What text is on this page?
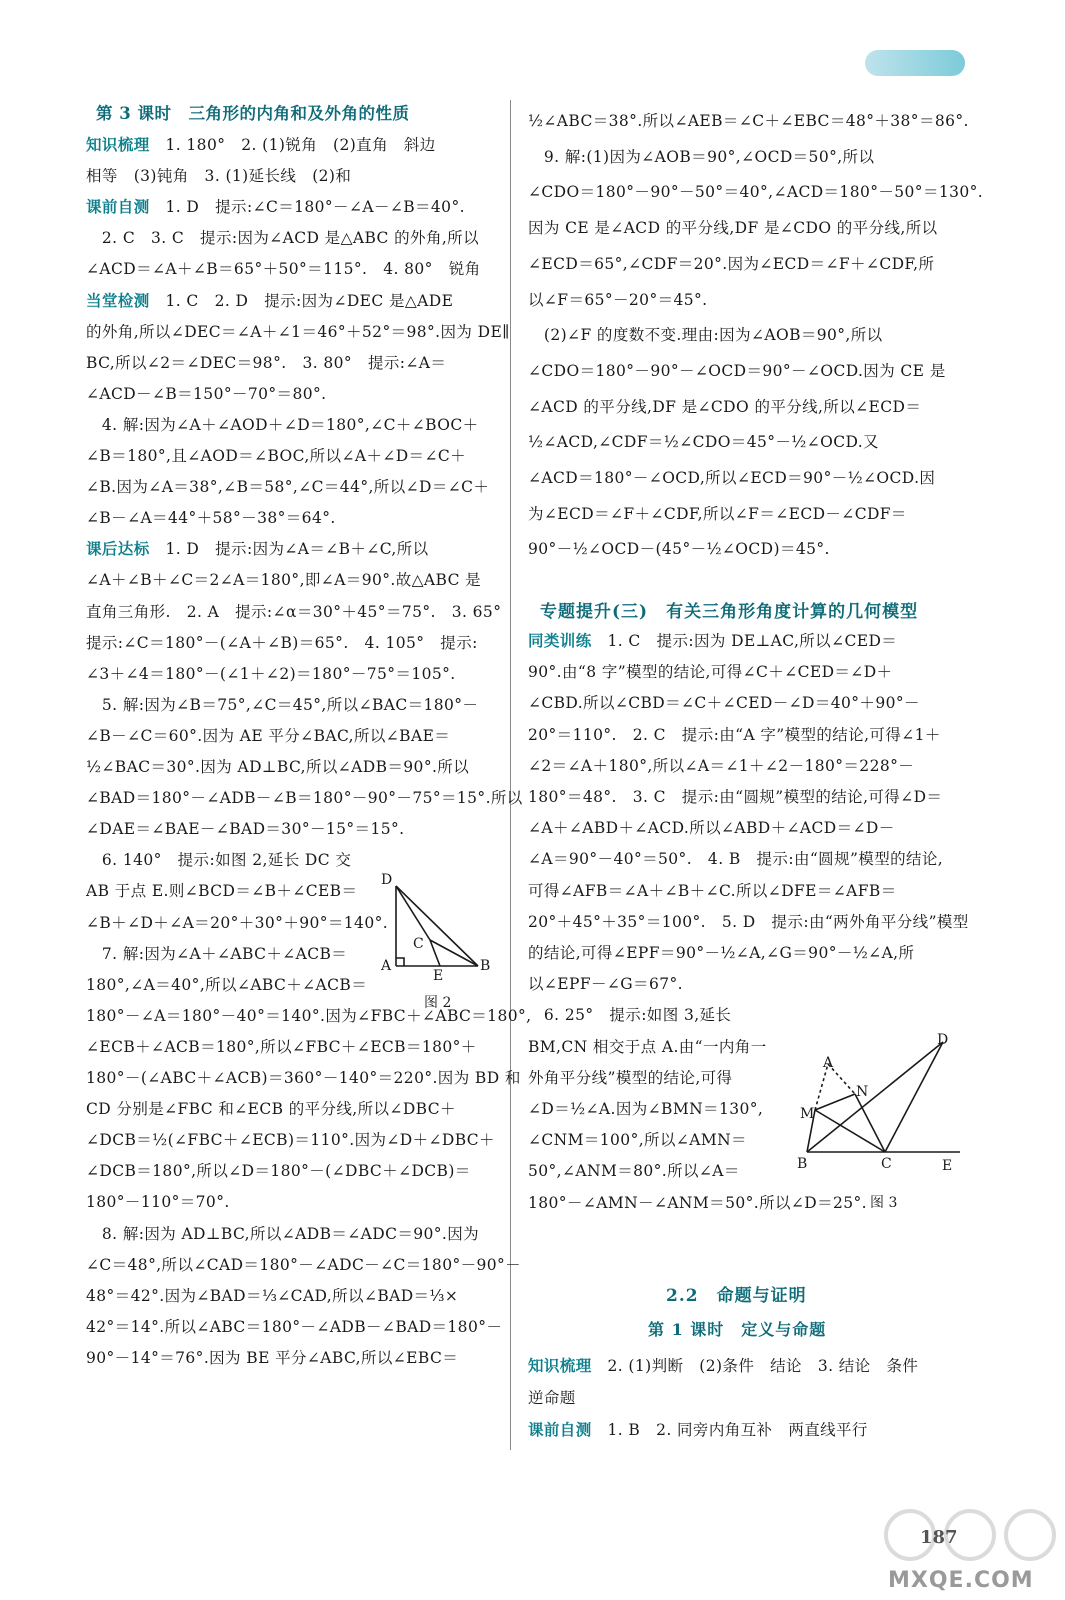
第 3 课时　三角形的内角和及外角的性质
知识梳理　1. 180°　2. (1)锐角　(2)直角　斜边
相等　(3)钝角　3. (1)延长线　(2)和
课前自测　1. D　提示:∠C＝180°－∠A－∠B＝40°.
　2. C　3. C　提示:因为∠ACD 是△ABC 的外角,所以
∠ACD＝∠A＋∠B＝65°＋50°＝115°.　4. 80°　锐角
当堂检测　1. C　2. D　提示:因为∠DEC 是△ADE
的外角,所以∠DEC＝∠A＋∠1＝46°＋52°＝98°.因为 DE∥
BC,所以∠2＝∠DEC＝98°.　3. 80°　提示:∠A＝
∠ACD－∠B＝150°－70°＝80°.
　4. 解:因为∠A＋∠AOD＋∠D＝180°,∠C＋∠BOC＋
∠B＝180°,且∠AOD＝∠BOC,所以∠A＋∠D＝∠C＋
∠B.因为∠A＝38°,∠B＝58°,∠C＝44°,所以∠D＝∠C＋
∠B－∠A＝44°＋58°－38°＝64°.
课后达标　1. D　提示:因为∠A＝∠B＋∠C,所以
∠A＋∠B＋∠C＝2∠A＝180°,即∠A＝90°.故△ABC 是
直角三角形.　2. A　提示:∠α＝30°＋45°＝75°.　3. 65°
提示:∠C＝180°－(∠A＋∠B)＝65°.　4. 105°　提示:
∠3＋∠4＝180°－(∠1＋∠2)＝180°－75°＝105°.
　5. 解:因为∠B＝75°,∠C＝45°,所以∠BAC＝180°－
∠B－∠C＝60°.因为 AE 平分∠BAC,所以∠BAE＝
½∠BAC＝30°.因为 AD⊥BC,所以∠ADB＝90°.所以
∠BAD＝180°－∠ADB－∠B＝180°－90°－75°＝15°.所以
∠DAE＝∠BAE－∠BAD＝30°－15°＝15°.
　6. 140°　提示:如图 2,延长 DC 交
AB 于点 E.则∠BCD＝∠B＋∠CEB＝
∠B＋∠D＋∠A＝20°＋30°＋90°＝140°.
　7. 解:因为∠A＋∠ABC＋∠ACB＝
180°,∠A＝40°,所以∠ABC＋∠ACB＝
180°－∠A＝180°－40°＝140°.因为∠FBC＋∠ABC＝180°,
∠ECB＋∠ACB＝180°,所以∠FBC＋∠ECB＝180°＋
180°－(∠ABC＋∠ACB)＝360°－140°＝220°.因为 BD 和
CD 分别是∠FBC 和∠ECB 的平分线,所以∠DBC＋
∠DCB＝½(∠FBC＋∠ECB)＝110°.因为∠D＋∠DBC＋
∠DCB＝180°,所以∠D＝180°－(∠DBC＋∠DCB)＝
180°－110°＝70°.
　8. 解:因为 AD⊥BC,所以∠ADB＝∠ADC＝90°.因为
∠C＝48°,所以∠CAD＝180°－∠ADC－∠C＝180°－90°－
48°＝42°.因为∠BAD＝⅓∠CAD,所以∠BAD＝⅓×
42°＝14°.所以∠ABC＝180°－∠ADB－∠BAD＝180°－
90°－14°＝76°.因为 BE 平分∠ABC,所以∠EBC＝
专题提升(三)　有关三角形角度计算的几何模型
2.2　命题与证明
第 1 课时　定义与命题
½∠ABC＝38°.所以∠AEB＝∠C＋∠EBC＝48°＋38°＝86°.
　9. 解:(1)因为∠AOB＝90°,∠OCD＝50°,所以
∠CDO＝180°－90°－50°＝40°,∠ACD＝180°－50°＝130°.
因为 CE 是∠ACD 的平分线,DF 是∠CDO 的平分线,所以
∠ECD＝65°,∠CDF＝20°.因为∠ECD＝∠F＋∠CDF,所
以∠F＝65°－20°＝45°.
　(2)∠F 的度数不变.理由:因为∠AOB＝90°,所以
∠CDO＝180°－90°－∠OCD＝90°－∠OCD.因为 CE 是
∠ACD 的平分线,DF 是∠CDO 的平分线,所以∠ECD＝
½∠ACD,∠CDF＝½∠CDO＝45°－½∠OCD.又
∠ACD＝180°－∠OCD,所以∠ECD＝90°－½∠OCD.因
为∠ECD＝∠F＋∠CDF,所以∠F＝∠ECD－∠CDF＝
90°－½∠OCD－(45°－½∠OCD)＝45°.
同类训练　1. C　提示:因为 DE⊥AC,所以∠CED＝
90°.由“8 字”模型的结论,可得∠C＋∠CED＝∠D＋
∠CBD.所以∠CBD＝∠C＋∠CED－∠D＝40°＋90°－
20°＝110°.　2. C　提示:由“A 字”模型的结论,可得∠1＋
∠2＝∠A＋180°,所以∠A＝∠1＋∠2－180°＝228°－
180°＝48°.　3. C　提示:由“圆规”模型的结论,可得∠D＝
∠A＋∠ABD＋∠ACD.所以∠ABD＋∠ACD＝∠D－
∠A＝90°－40°＝50°.　4. B　提示:由“圆规”模型的结论,
可得∠AFB＝∠A＋∠B＋∠C.所以∠DFE＝∠AFB＝
20°＋45°＋35°＝100°.　5. D　提示:由“两外角平分线”模型
的结论,可得∠EPF＝90°－½∠A,∠G＝90°－½∠A,所
以∠EPF－∠G＝67°.
　6. 25°　提示:如图 3,延长
BM,CN 相交于点 A.由“一内角一
外角平分线”模型的结论,可得
∠D＝½∠A.因为∠BMN＝130°,
∠CNM＝100°,所以∠AMN＝
50°,∠ANM＝80°.所以∠A＝
180°－∠AMN－∠ANM＝50°.所以∠D＝25°.
知识梳理　2. (1)判断　(2)条件　结论　3. 结论　条件
逆命题
课前自测　1. B　2. 同旁内角互补　两直线平行
D
C
A
E
B
图 2
A
D
N
M
B	C	E
图 3
187
MXQE.COM
